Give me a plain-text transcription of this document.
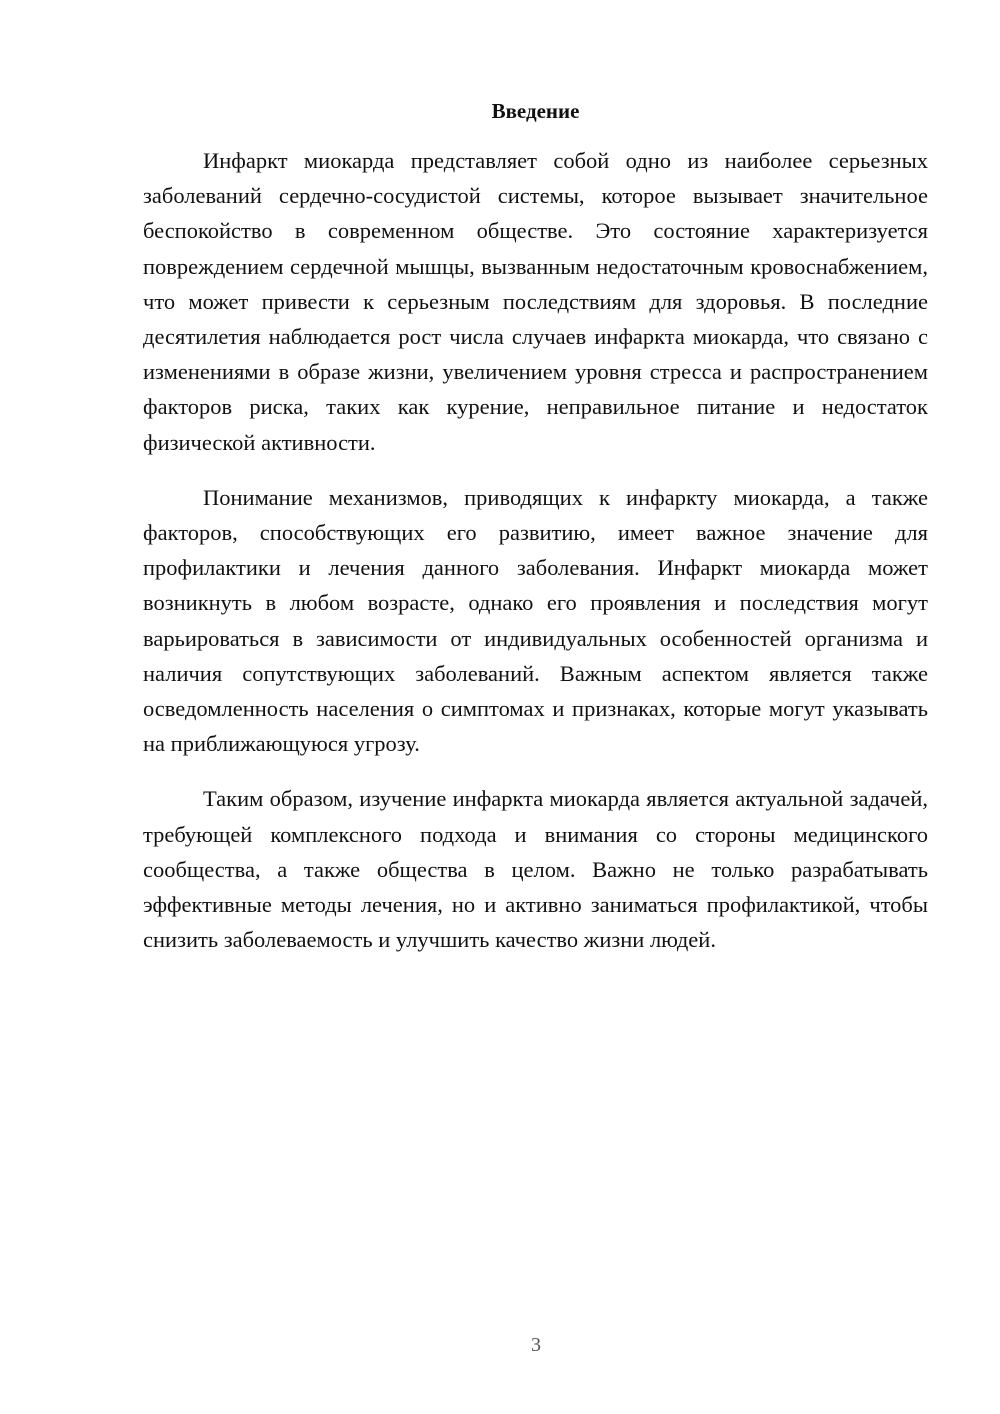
Введение

Инфаркт миокарда представляет собой одно из наиболее серьезных заболеваний сердечно-сосудистой системы, которое вызывает значительное беспокойство в современном обществе. Это состояние характеризуется повреждением сердечной мышцы, вызванным недостаточным кровоснабжением, что может привести к серьезным последствиям для здоровья. В последние десятилетия наблюдается рост числа случаев инфаркта миокарда, что связано с изменениями в образе жизни, увеличением уровня стресса и распространением факторов риска, таких как курение, неправильное питание и недостаток физической активности.

Понимание механизмов, приводящих к инфаркту миокарда, а также факторов, способствующих его развитию, имеет важное значение для профилактики и лечения данного заболевания. Инфаркт миокарда может возникнуть в любом возрасте, однако его проявления и последствия могут варьироваться в зависимости от индивидуальных особенностей организма и наличия сопутствующих заболеваний. Важным аспектом является также осведомленность населения о симптомах и признаках, которые могут указывать на приближающуюся угрозу.

Таким образом, изучение инфаркта миокарда является актуальной задачей, требующей комплексного подхода и внимания со стороны медицинского сообщества, а также общества в целом. Важно не только разрабатывать эффективные методы лечения, но и активно заниматься профилактикой, чтобы снизить заболеваемость и улучшить качество жизни людей.

3
